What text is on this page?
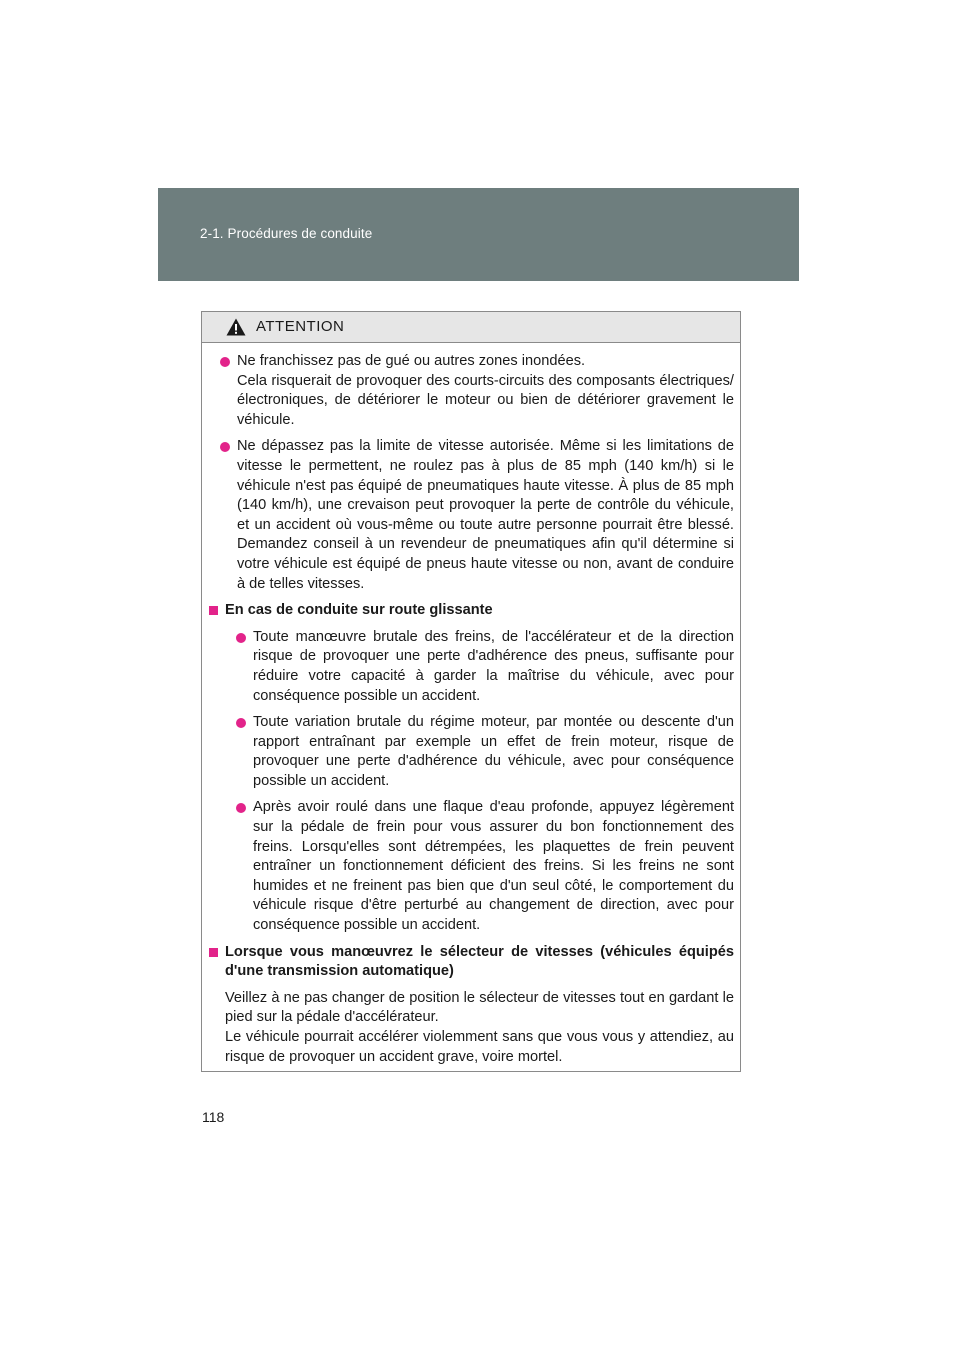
2-1. Procédures de conduite
ATTENTION

Ne franchissez pas de gué ou autres zones inondées.

Cela risquerait de provoquer des courts-circuits des composants électriques/électroniques, de détériorer le moteur ou bien de détériorer gravement le véhicule.

Ne dépassez pas la limite de vitesse autorisée. Même si les limitations de vitesse le permettent, ne roulez pas à plus de 85 mph (140 km/h) si le véhicule n'est pas équipé de pneumatiques haute vitesse. À plus de 85 mph (140 km/h), une crevaison peut provoquer la perte de contrôle du véhicule, et un accident où vous-même ou toute autre personne pourrait être blessé. Demandez conseil à un revendeur de pneumatiques afin qu'il détermine si votre véhicule est équipé de pneus haute vitesse ou non, avant de conduire à de telles vitesses.

En cas de conduite sur route glissante

Toute manœuvre brutale des freins, de l'accélérateur et de la direction risque de provoquer une perte d'adhérence des pneus, suffisante pour réduire votre capacité à garder la maîtrise du véhicule, avec pour conséquence possible un accident.

Toute variation brutale du régime moteur, par montée ou descente d'un rapport entraînant par exemple un effet de frein moteur, risque de provoquer une perte d'adhérence du véhicule, avec pour conséquence possible un accident.

Après avoir roulé dans une flaque d'eau profonde, appuyez légèrement sur la pédale de frein pour vous assurer du bon fonctionnement des freins. Lorsqu'elles sont détrempées, les plaquettes de frein peuvent entraîner un fonctionnement déficient des freins. Si les freins ne sont humides et ne freinent pas bien que d'un seul côté, le comportement du véhicule risque d'être perturbé au changement de direction, avec pour conséquence possible un accident.

Lorsque vous manœuvrez le sélecteur de vitesses (véhicules équipés d'une transmission automatique)

Veillez à ne pas changer de position le sélecteur de vitesses tout en gardant le pied sur la pédale d'accélérateur.

Le véhicule pourrait accélérer violemment sans que vous vous y attendiez, au risque de provoquer un accident grave, voire mortel.

118
